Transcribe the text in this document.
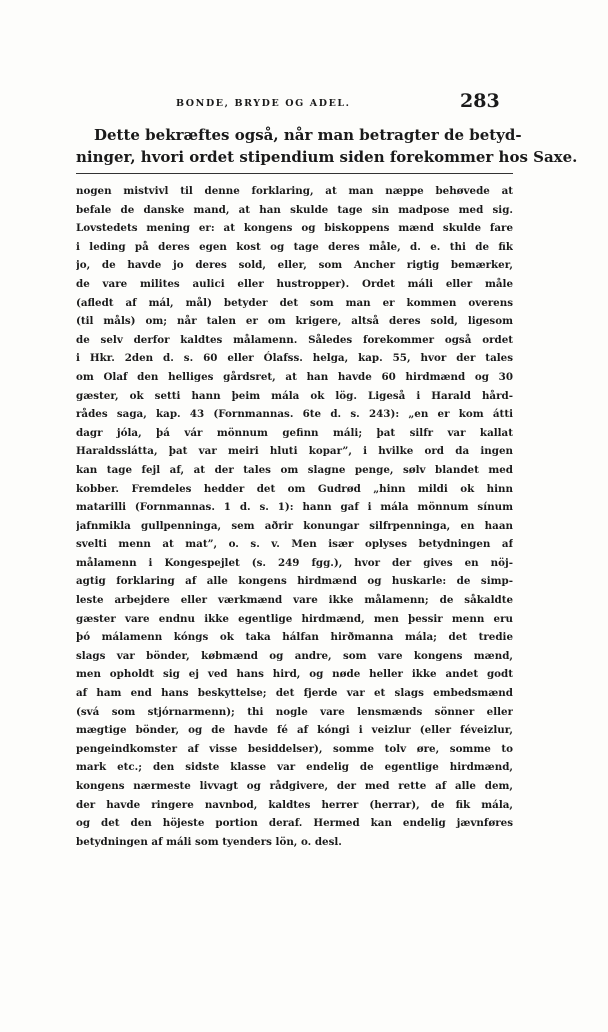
BONDE, BRYDE OG ADEL.	283
Dette bekræftes også, når man betragter de betyd-
ninger, hvori ordet stipendium siden forekommer hos Saxe.
nogen mistvivl til denne forklaring, at man næppe behøvede at
befale de danske mand, at han skulde tage sin madpose med sig.
Lovstedets mening er: at kongens og biskoppens mænd skulde fare
i leding på deres egen kost og tage deres måle, d. e. thi de fik
jo, de havde jo deres sold, eller, som Ancher rigtig bemærker,
de vare milites aulici eller hustropper). Ordet máli eller måle
(afledt af mál, mål) betyder det som man er kommen overens
(til måls) om; når talen er om krigere, altså deres sold, ligesom
de selv derfor kaldtes målamenn. Således forekommer også ordet
i Hkr. 2den d. s. 60 eller Ólafss. helga, kap. 55, hvor der tales
om Olaf den helliges gårdsret, at han havde 60 hirdmænd og 30
gæster, ok setti hann þeim mála ok lög. Ligeså i Harald hård-
rådes saga, kap. 43 (Fornmannas. 6te d. s. 243): „en er kom átti
dagr jóla, þá vár mönnum gefinn máli; þat silfr var kallat
Haraldsslátta, þat var meiri hluti kopar”, i hvilke ord da ingen
kan tage fejl af, at der tales om slagne penge, sølv blandet med
kobber. Fremdeles hedder det om Gudrød „hinn mildi ok hinn
matarilli (Fornmannas. 1 d. s. 1): hann gaf i mála mönnum sínum
jafnmikla gullpenninga, sem aðrir konungar silfrpenninga, en haan
svelti menn at mat”, o. s. v. Men især oplyses betydningen af
målamenn i Kongespejlet (s. 249 fgg.), hvor der gives en nöj-
agtig forklaring af alle kongens hirdmænd og huskarle: de simp-
leste arbejdere eller værkmænd vare ikke målamenn; de såkaldte
gæster vare endnu ikke egentlige hirdmænd, men þessir menn eru
þó málamenn kóngs ok taka hálfan hirðmanna mála; det tredie
slags var bönder, købmænd og andre, som vare kongens mænd,
men opholdt sig ej ved hans hird, og nøde heller ikke andet godt
af ham end hans beskyttelse; det fjerde var et slags embedsmænd
(svá som stjórnarmenn); thi nogle vare lensmænds sönner eller
mægtige bönder, og de havde fé af kóngi i veizlur (eller féveizlur,
pengeindkomster af visse besiddelser), somme tolv øre, somme to
mark etc.; den sidste klasse var endelig de egentlige hirdmænd,
kongens nærmeste livvagt og rådgivere, der med rette af alle dem,
der havde ringere navnbod, kaldtes herrer (herrar), de fik mála,
og det den höjeste portion deraf. Hermed kan endelig jævnføres
betydningen af máli som tyenders lön, o. desl.
